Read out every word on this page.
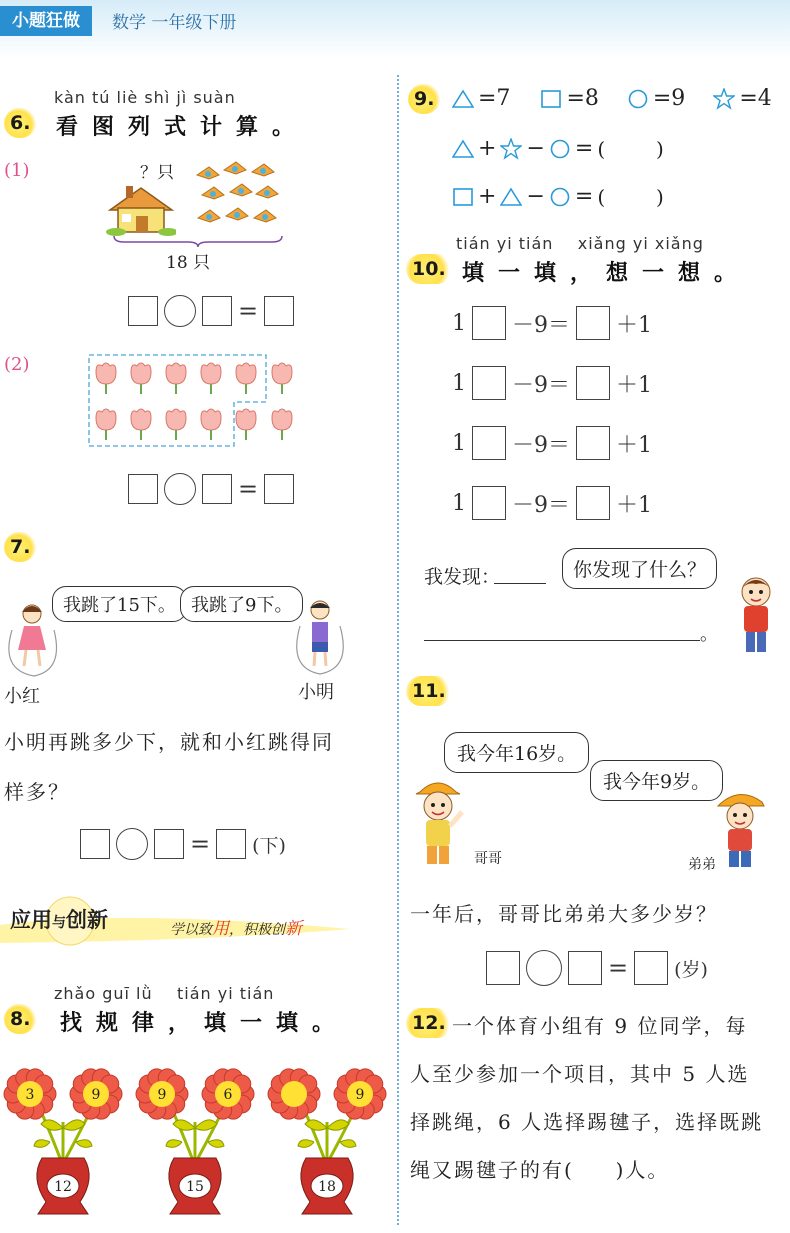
小题狂做	数学 一年级下册
kàn tú liè shì jì suàn
6. 看图列式计算。
(1)	？只
18 只
=
(2)
=
7.
我跳了15下。 我跳了9下。
小红	小明
小明再跳多少下，就和小红跳得同
样多？
= (下)
应用与创新	学以致用，积极创新
zhǎo guī lǜ    tián yi tián
8. 找规律，填一填。
3	9
12
9	6
15
9
18
9. =7	=8 =9 =4
+ − = (        )
+ − = (        )
tián yi tián    xiǎng yi xiǎng
10. 填一填，想一想。
1 －9＝ ＋1
1 －9＝ ＋1
1 －9＝ ＋1
1 －9＝ ＋1
我发现：	你发现了什么？
。
11.
我今年16岁。
我今年9岁。
哥哥	弟弟
一年后，哥哥比弟弟大多少岁？
= (岁)
12. 一个体育小组有 9 位同学，每
人至少参加一个项目，其中 5 人选
择跳绳，6 人选择踢毽子，选择既跳
绳又踢毽子的有(     )人。
